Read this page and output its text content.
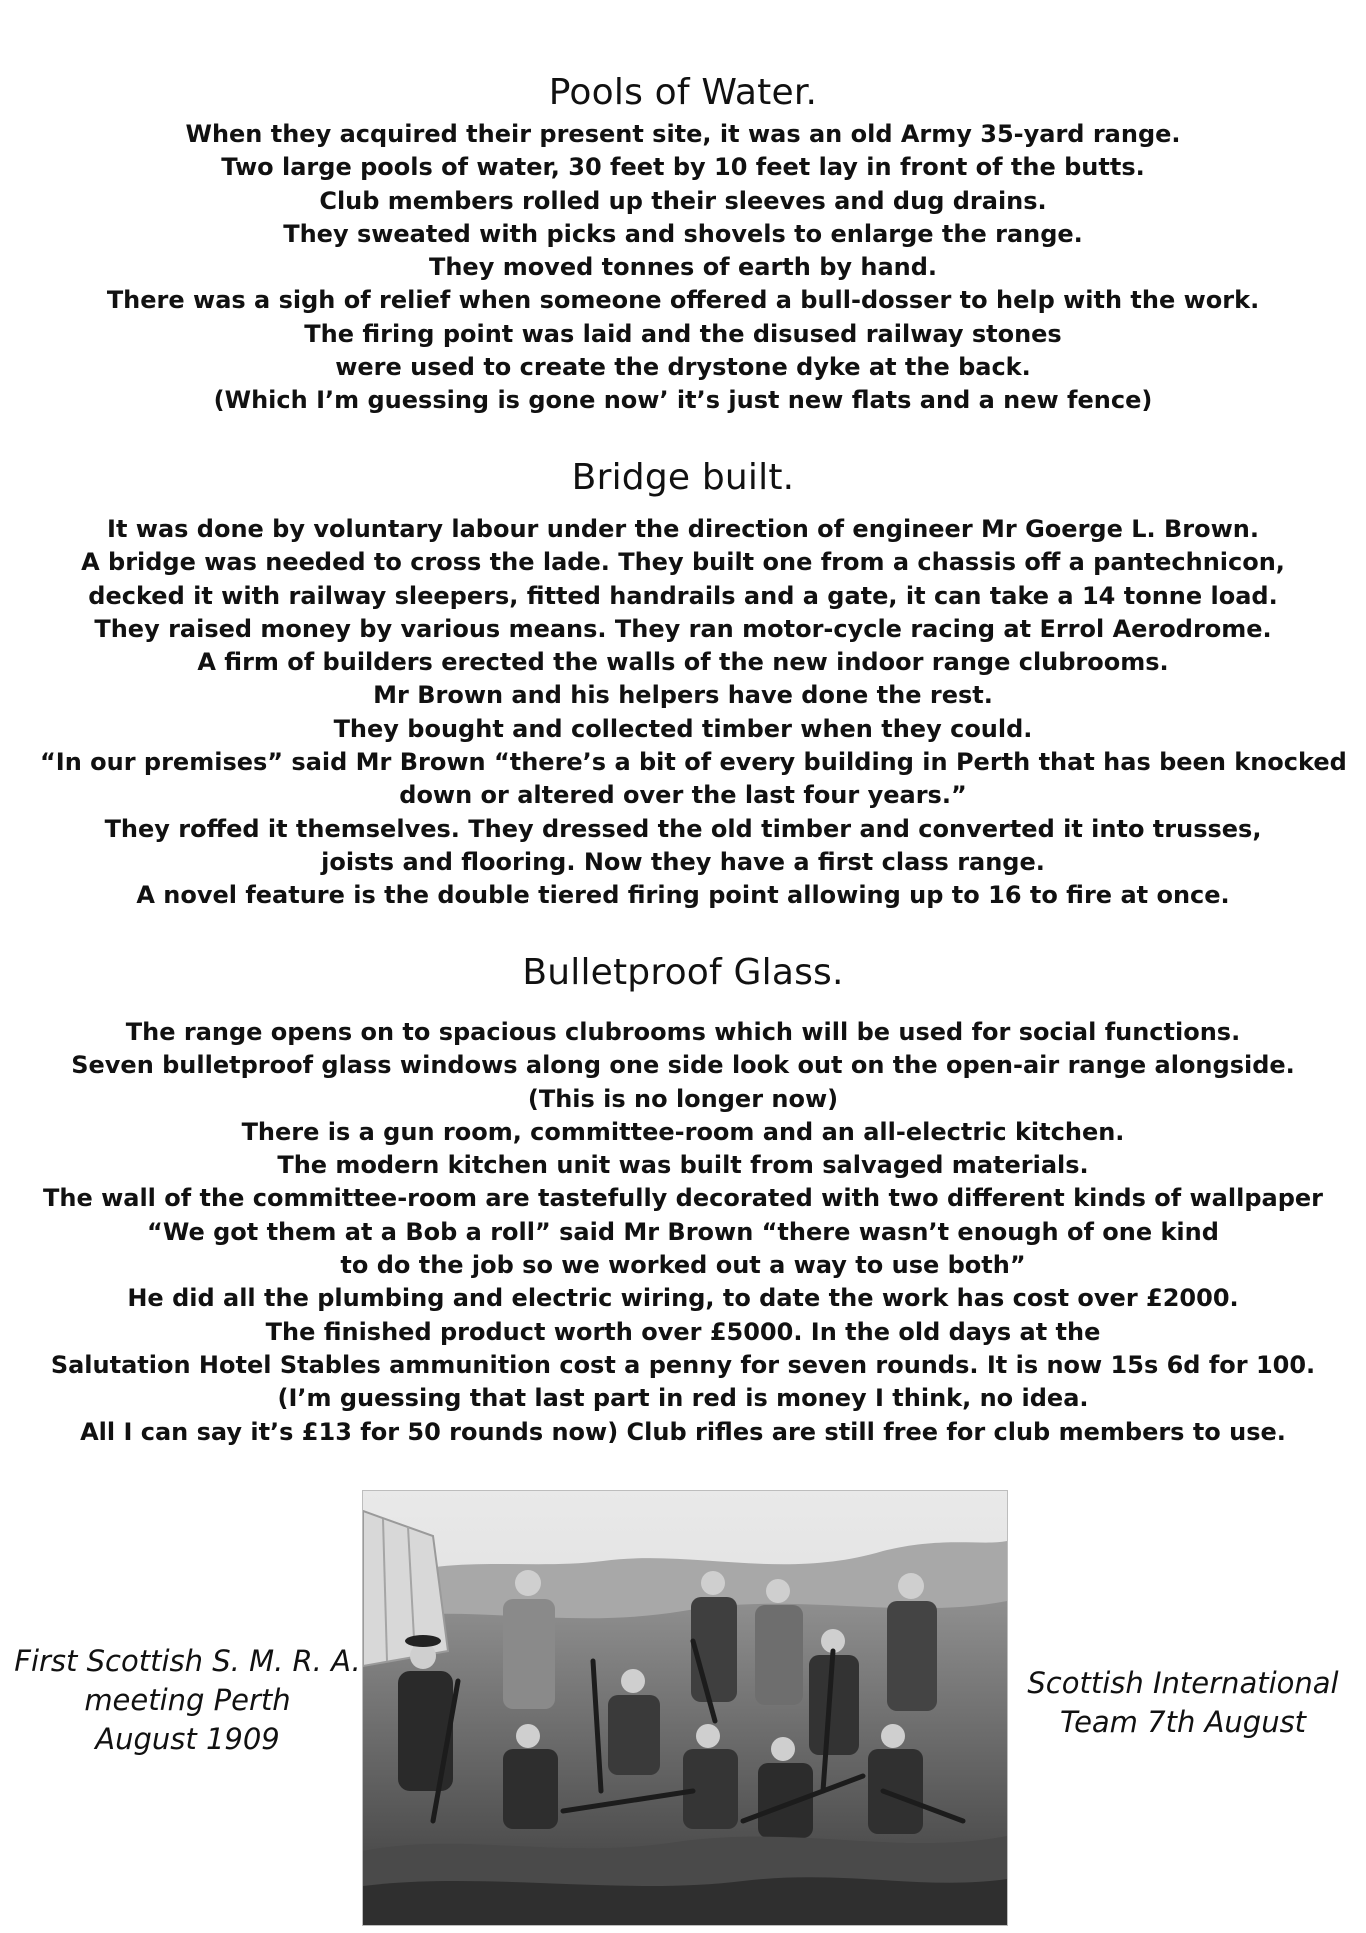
Pools of Water.
When they acquired their present site, it was an old Army 35-yard range.
Two large pools of water, 30 feet by 10 feet lay in front of the butts.
Club members rolled up their sleeves and dug drains.
They sweated with picks and shovels to enlarge the range.
They moved tonnes of earth by hand.
There was a sigh of relief when someone offered a bull-dosser to help with the work.
The firing point was laid and the disused railway stones
were used to create the drystone dyke at the back.
(Which I’m guessing is gone now’ it’s just new flats and a new fence)
Bridge built.
It was done by voluntary labour under the direction of engineer Mr Goerge L. Brown.
A bridge was needed to cross the lade. They built one from a chassis off a pantechnicon,
decked it with railway sleepers, fitted handrails and a gate, it can take a 14 tonne load.
They raised money by various means. They ran motor-cycle racing at Errol Aerodrome.
A firm of builders erected the walls of the new indoor range clubrooms.
Mr Brown and his helpers have done the rest.
They bought and collected timber when they could.
“In our premises” said Mr Brown “there’s a bit of every building in Perth that has been knocked
down or altered over the last four years.”
They roffed it themselves. They dressed the old timber and converted it into trusses,
joists and flooring. Now they have a first class range.
A novel feature is the double tiered firing point allowing up to 16 to fire at once.
Bulletproof Glass.
The range opens on to spacious clubrooms which will be used for social functions.
Seven bulletproof glass windows along one side look out on the open-air range alongside.
(This is no longer now)
There is a gun room, committee-room and an all-electric kitchen.
The modern kitchen unit was built from salvaged materials.
The wall of the committee-room are tastefully decorated with two different kinds of wallpaper
“We got them at a Bob a roll” said Mr Brown “there wasn’t enough of one kind
to do the job so we worked out a way to use both”
He did all the plumbing and electric wiring, to date the work has cost over £2000.
The finished product worth over £5000. In the old days at the
Salutation Hotel Stables ammunition cost a penny for seven rounds. It is now 15s 6d for 100.
(I’m guessing that last part in red is money I think, no idea.
All I can say it’s £13 for 50 rounds now) Club rifles are still free for club members to use.
First Scottish S. M. R. A.
meeting Perth
August 1909
Scottish International
Team 7th August
